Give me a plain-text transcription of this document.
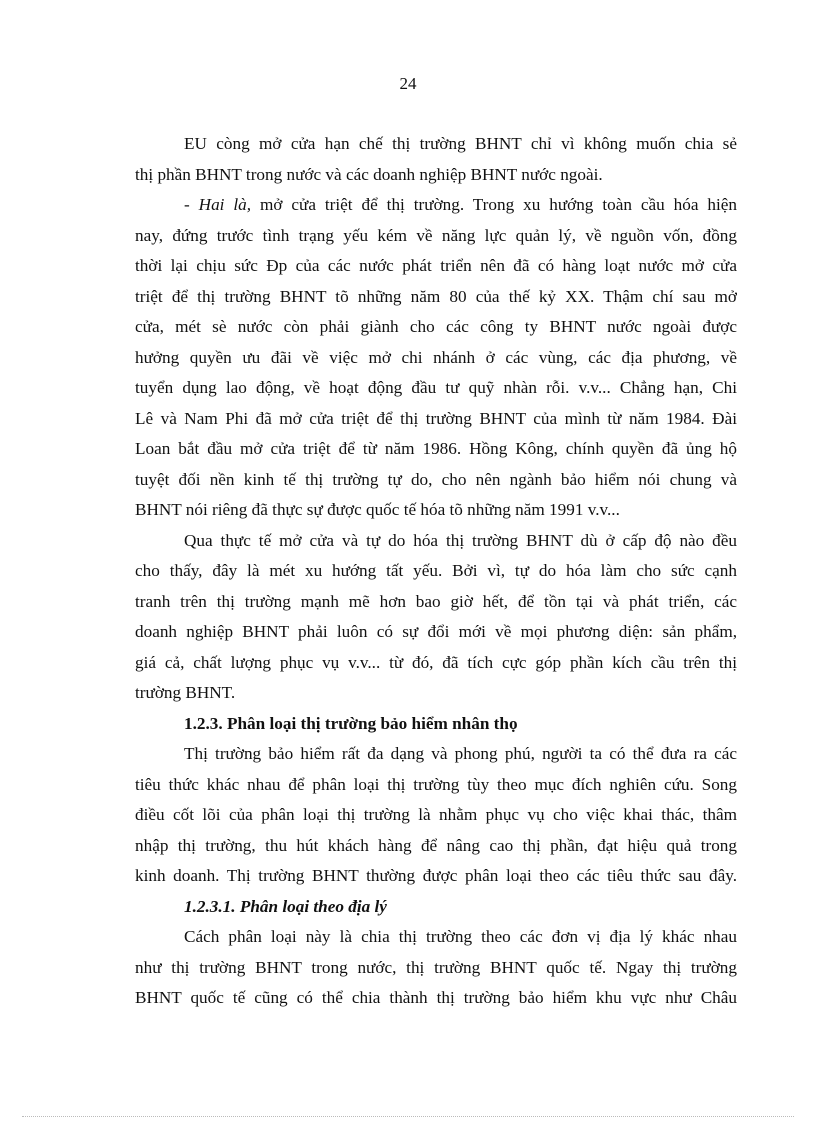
24
EU còng mở cửa hạn chế thị trường BHNT chỉ vì không muốn chia sẻ
thị phần BHNT trong nước và các doanh nghiệp BHNT nước ngoài.
- Hai là, mở cửa triệt để thị trường. Trong xu hướng toàn cầu hóa hiện
nay, đứng trước tình trạng yếu kém về năng lực quản lý, về nguồn vốn, đồng
thời lại chịu sức Đp của các nước phát triển nên đã có hàng loạt nước mở cửa
triệt để thị trường BHNT tõ những năm 80 của thế kỷ XX. Thậm chí sau mở
cửa, mét sè nước còn phải giành cho các công ty BHNT nước ngoài được
hưởng quyền ưu đãi về việc mở chi nhánh ở các vùng, các địa phương, về
tuyển dụng lao động, về hoạt động đầu tư quỹ nhàn rỗi. v.v... Chẳng hạn, Chi
Lê và Nam Phi đã mở cửa triệt để thị trường BHNT của mình từ năm 1984. Đài
Loan bắt đầu mở cửa triệt để từ năm 1986. Hồng Kông, chính quyền đã ủng hộ
tuyệt đối nền kinh tế thị trường tự do, cho nên ngành bảo hiểm nói chung và
BHNT nói riêng đã thực sự được quốc tế hóa tõ những năm 1991 v.v...
Qua thực tế mở cửa và tự do hóa thị trường BHNT dù ở cấp độ nào đều
cho thấy, đây là mét xu hướng tất yếu. Bởi vì, tự do hóa làm cho sức cạnh
tranh trên thị trường mạnh mẽ hơn bao giờ hết, để tồn tại và phát triển, các
doanh nghiệp BHNT phải luôn có sự đổi mới về mọi phương diện: sản phẩm,
giá cả, chất lượng phục vụ v.v... từ đó, đã tích cực góp phần kích cầu trên thị
trường BHNT.
1.2.3. Phân loại thị trường bảo hiểm nhân thọ
Thị trường bảo hiểm rất đa dạng và phong phú, người ta có thể đưa ra các
tiêu thức khác nhau để phân loại thị trường tùy theo mục đích nghiên cứu. Song
điều cốt lõi của phân loại thị trường là nhằm phục vụ cho việc khai thác, thâm
nhập thị trường, thu hút khách hàng để nâng cao thị phần, đạt hiệu quả trong
kinh doanh. Thị trường BHNT thường được phân loại theo các tiêu thức sau đây.
1.2.3.1. Phân loại theo địa lý
Cách phân loại này là chia thị trường theo các đơn vị địa lý khác nhau
như thị trường BHNT trong nước, thị trường BHNT quốc tế. Ngay thị trường
BHNT quốc tế cũng có thể chia thành thị trường bảo hiểm khu vực như Châu
